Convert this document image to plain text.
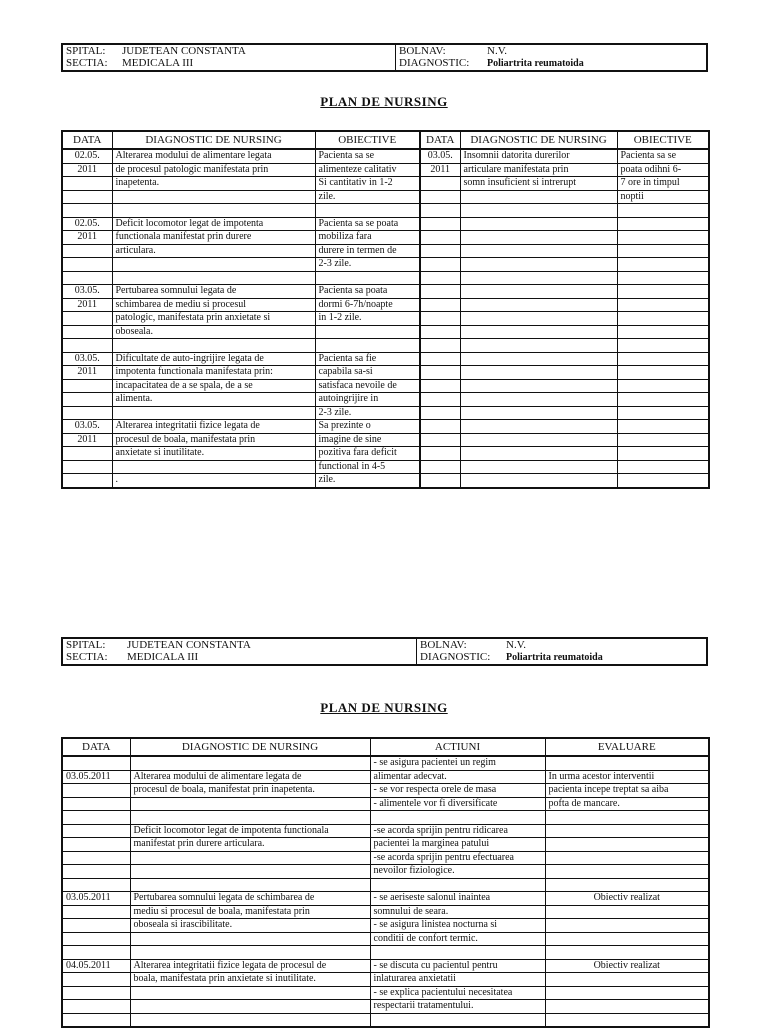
SPITAL:	JUDETEAN CONSTANTA	BOLNAV:	N.V.
SECTIA:	MEDICALA III	DIAGNOSTIC:	Poliartrita reumatoida
PLAN DE NURSING
DATA	DIAGNOSTIC DE NURSING	OBIECTIVE	DATA	DIAGNOSTIC DE NURSING	OBIECTIVE
02.05.	Alterarea modului de alimentare legata	Pacienta sa se	03.05.	Insomnii datorita durerilor	Pacienta sa se
2011	de procesul patologic manifestata prin	alimenteze calitativ	2011	articulare manifestata prin	poata odihni 6-
	inapetenta.	Si cantitativ in 1-2		somn insuficient si intrerupt	7 ore in timpul
		zile.			noptii

02.05.	Deficit locomotor legat de impotenta	Pacienta sa se poata			
2011	functionala manifestat prin durere	mobiliza fara			
	articulara.	durere in termen de			
		2-3 zile.			

03.05.	Pertubarea somnului legata de	Pacienta sa poata			
2011	schimbarea de mediu si procesul	dormi 6-7h/noapte			
	patologic, manifestata prin anxietate si	in 1-2 zile.			
	oboseala.				

03.05.	Dificultate de auto-ingrijire legata de	Pacienta sa fie			
2011	impotenta functionala manifestata prin:	capabila sa-si			
	incapacitatea de a se spala, de a se	satisfaca nevoile de			
	alimenta.	autoingrijire in			
		2-3 zile.			
03.05.	Alterarea integritatii fizice legata de	Sa prezinte o			
2011	procesul de boala, manifestata prin	imagine de sine			
	anxietate si inutilitate.	pozitiva fara deficit			
		functional in 4-5			
	.	zile.			
SPITAL:	JUDETEAN CONSTANTA	BOLNAV:	N.V.
SECTIA:	MEDICALA III	DIAGNOSTIC:	Poliartrita reumatoida
PLAN DE NURSING
DATA	DIAGNOSTIC DE NURSING	ACTIUNI	EVALUARE
		- se asigura pacientei un regim	
03.05.2011	Alterarea modului de alimentare legata de	alimentar adecvat.	In urma acestor interventii
	procesul de boala, manifestat prin inapetenta.	- se vor respecta orele de masa	pacienta incepe treptat sa aiba
		- alimentele vor fi diversificate	pofta de mancare.

	Deficit locomotor legat de impotenta functionala	-se acorda sprijin pentru ridicarea	
	manifestat prin durere articulara.	pacientei la marginea patului	
		-se acorda sprijin pentru efectuarea	
		nevoilor fiziologice.	

03.05.2011	Pertubarea somnului legata de schimbarea de	- se aeriseste salonul inaintea	Obiectiv realizat
	mediu si procesul de boala, manifestata prin	somnului de seara.	
	oboseala si irascibilitate.	- se asigura linistea nocturna si	
		conditii de confort termic.	

04.05.2011	Alterarea integritatii fizice legata de procesul de	- se discuta cu pacientul pentru	Obiectiv realizat
	boala, manifestata prin anxietate si inutilitate.	inlaturarea anxietatii	
		- se explica pacientului necesitatea	
		respectarii tratamentului.	
